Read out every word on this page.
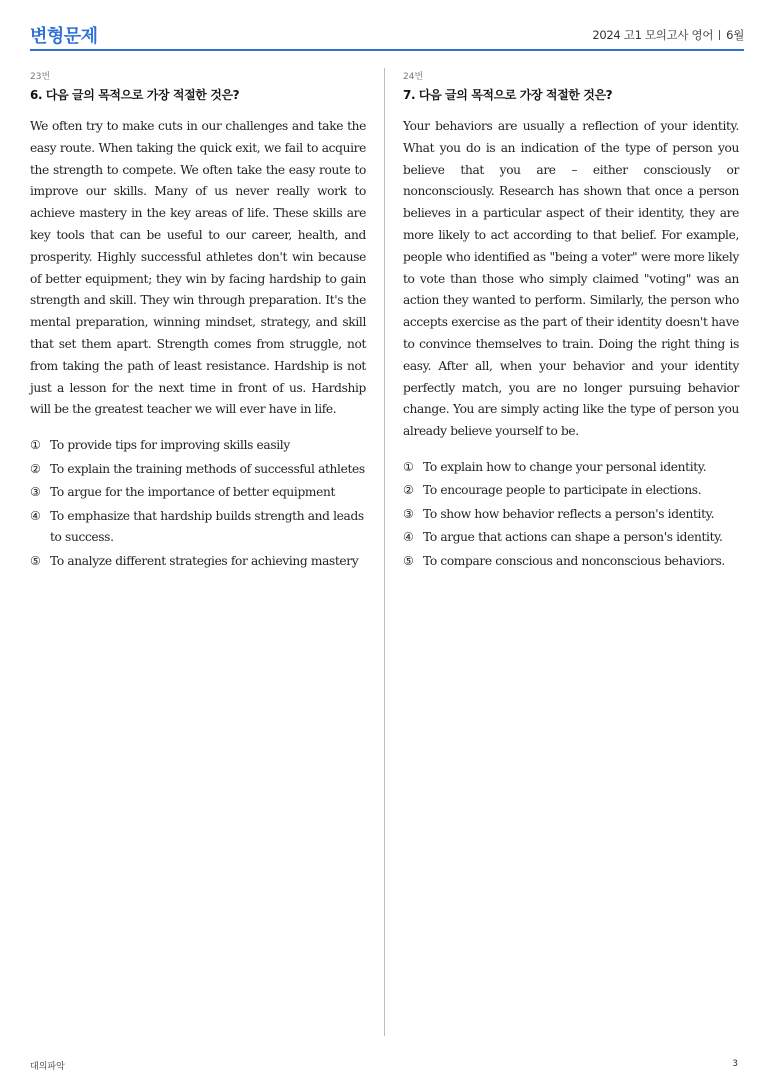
변형문제	2024 고1 모의고사 영어 6월
23번
6. 다음 글의 목적으로 가장 적절한 것은?
We often try to make cuts in our challenges and take the easy route. When taking the quick exit, we fail to acquire the strength to compete. We often take the easy route to improve our skills. Many of us never really work to achieve mastery in the key areas of life. These skills are key tools that can be useful to our career, health, and prosperity. Highly successful athletes don't win because of better equipment; they win by facing hardship to gain strength and skill. They win through preparation. It's the mental preparation, winning mindset, strategy, and skill that set them apart. Strength comes from struggle, not from taking the path of least resistance. Hardship is not just a lesson for the next time in front of us. Hardship will be the greatest teacher we will ever have in life.
① To provide tips for improving skills easily
② To explain the training methods of successful athletes
③ To argue for the importance of better equipment
④ To emphasize that hardship builds strength and leads to success.
⑤ To analyze different strategies for achieving mastery
24번
7. 다음 글의 목적으로 가장 적절한 것은?
Your behaviors are usually a reflection of your identity. What you do is an indication of the type of person you believe that you are – either consciously or nonconsciously. Research has shown that once a person believes in a particular aspect of their identity, they are more likely to act according to that belief. For example, people who identified as "being a voter" were more likely to vote than those who simply claimed "voting" was an action they wanted to perform. Similarly, the person who accepts exercise as the part of their identity doesn't have to convince themselves to train. Doing the right thing is easy. After all, when your behavior and your identity perfectly match, you are no longer pursuing behavior change. You are simply acting like the type of person you already believe yourself to be.
① To explain how to change your personal identity.
② To encourage people to participate in elections.
③ To show how behavior reflects a person's identity.
④ To argue that actions can shape a person's identity.
⑤ To compare conscious and nonconscious behaviors.
대의파악	3
